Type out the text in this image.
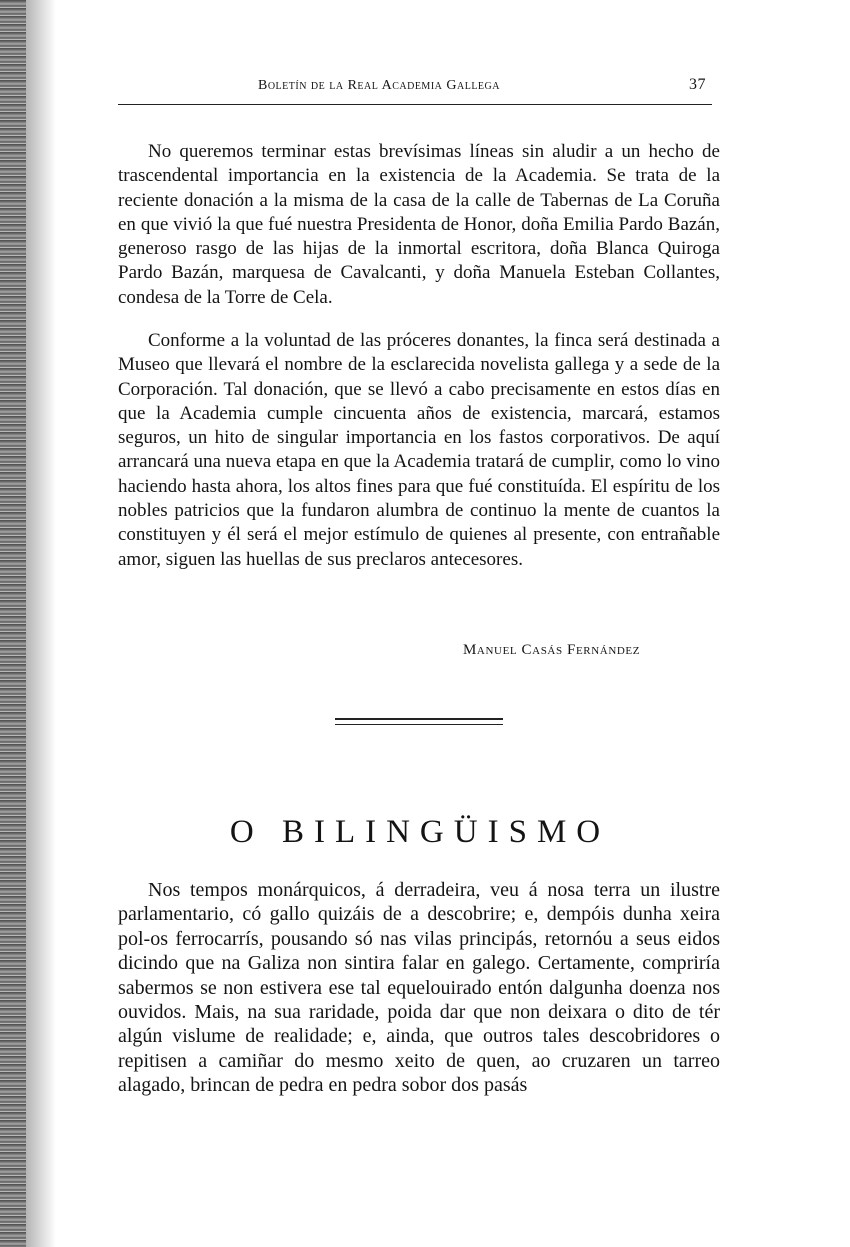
Boletín de la Real Academia Gallega	37

No queremos terminar estas brevísimas líneas sin aludir a un hecho de trascendental importancia en la existencia de la Academia. Se trata de la reciente donación a la misma de la casa de la calle de Tabernas de La Coruña en que vivió la que fué nuestra Presidenta de Honor, doña Emilia Pardo Bazán, generoso rasgo de las hijas de la inmortal escritora, doña Blanca Quiroga Pardo Bazán, marquesa de Cavalcanti, y doña Manuela Esteban Collantes, condesa de la Torre de Cela.

Conforme a la voluntad de las próceres donantes, la finca será destinada a Museo que llevará el nombre de la esclarecida novelista gallega y a sede de la Corporación. Tal donación, que se llevó a cabo precisamente en estos días en que la Academia cumple cincuenta años de existencia, marcará, estamos seguros, un hito de singular importancia en los fastos corporativos. De aquí arrancará una nueva etapa en que la Academia tratará de cumplir, como lo vino haciendo hasta ahora, los altos fines para que fué constituída. El espíritu de los nobles patricios que la fundaron alumbra de continuo la mente de cuantos la constituyen y él será el mejor estímulo de quienes al presente, con entrañable amor, siguen las huellas de sus preclaros antecesores.

Manuel Casás Fernández
O BILINGÜISMO

Nos tempos monárquicos, á derradeira, veu á nosa terra un ilustre parlamentario, có gallo quizáis de a descobrire; e, dempóis dunha xeira pol-os ferrocarrís, pousando só nas vilas principás, retornóu a seus eidos dicindo que na Galiza non sintira falar en galego. Certamente, compriría sabermos se non estivera ese tal equelouirado entón dalgunha doenza nos ouvidos. Mais, na sua raridade, poida dar que non deixara o dito de tér algún vislume de realidade; e, ainda, que outros tales descobridores o repitisen a camiñar do mesmo xeito de quen, ao cruzaren un tarreo alagado, brincan de pedra en pedra sobor dos pasás
